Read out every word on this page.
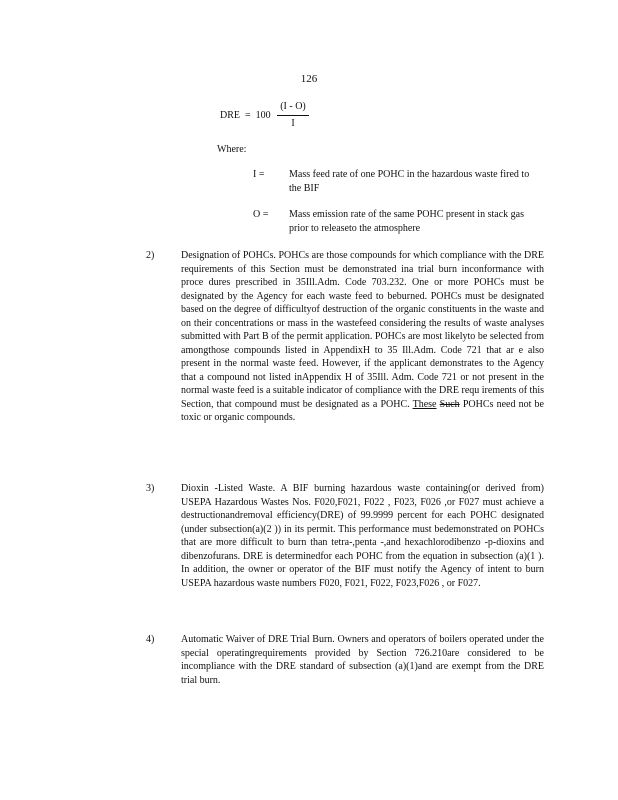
126
DRE  =  $100 \frac{(I - O)}{I}$
Where:
I = Mass feed rate of one POHC in the hazardous waste fired to the BIF
O = Mass emission rate of the same POHC present in stack gas prior to releaseto the atmosphere
2)	Designation of POHCs. POHCs are those compounds for which compliance with the DRE requirements of this Section must be demonstrated ina trial burn inconformance with proce dures prescribed in 35Ill.Adm. Code 703.232. One or more POHCs must be designated by the Agency for each waste feed to beburned. POHCs must be designated based on the degree of difficultyof destruction of the organic constituents in the waste and on their concentrations or mass in the wastefeed considering the results of waste analyses submitted with Part B of the permit application. POHCs are most likelyto be selected from amongthose compounds listed in AppendixH to 35 Ill.Adm. Code 721 that ar e also present in the normal waste feed. However, if the applicant demonstrates to the Agency that a compound not listed inAppendix H of 35Ill. Adm. Code 721 or not present in the normal waste feed is a suitable indicator of compliance with the DRE requ irements of this Section, that compound must be designated as a POHC. These Such POHCs need not be toxic or organic compounds.
3)	Dioxin -Listed Waste. A BIF burning hazardous waste containing(or derived from) USEPA Hazardous Wastes Nos. F020,F021, F022 , F023, F026 ,or F027 must achieve a destructionandremoval efficiency(DRE) of 99.9999 percent for each POHC designated (under subsection(a)(2 )) in its permit. This performance must bedemonstrated on POHCs that are more difficult to burn than tetra-,penta -,and hexachlorodibenzo -p-dioxins and dibenzofurans. DRE is determinedfor each POHC from the equation in subsection (a)(1 ). In addition, the owner or operator of the BIF must notify the Agency of intent to burn USEPA hazardous waste numbers F020, F021, F022, F023,F026 , or F027.
4)	Automatic Waiver of DRE Trial Burn. Owners and operators of boilers operated under the special operatingrequirements provided by Section 726.210are considered to be incompliance with the DRE standard of subsection (a)(1)and are exempt from the DRE trial burn.
